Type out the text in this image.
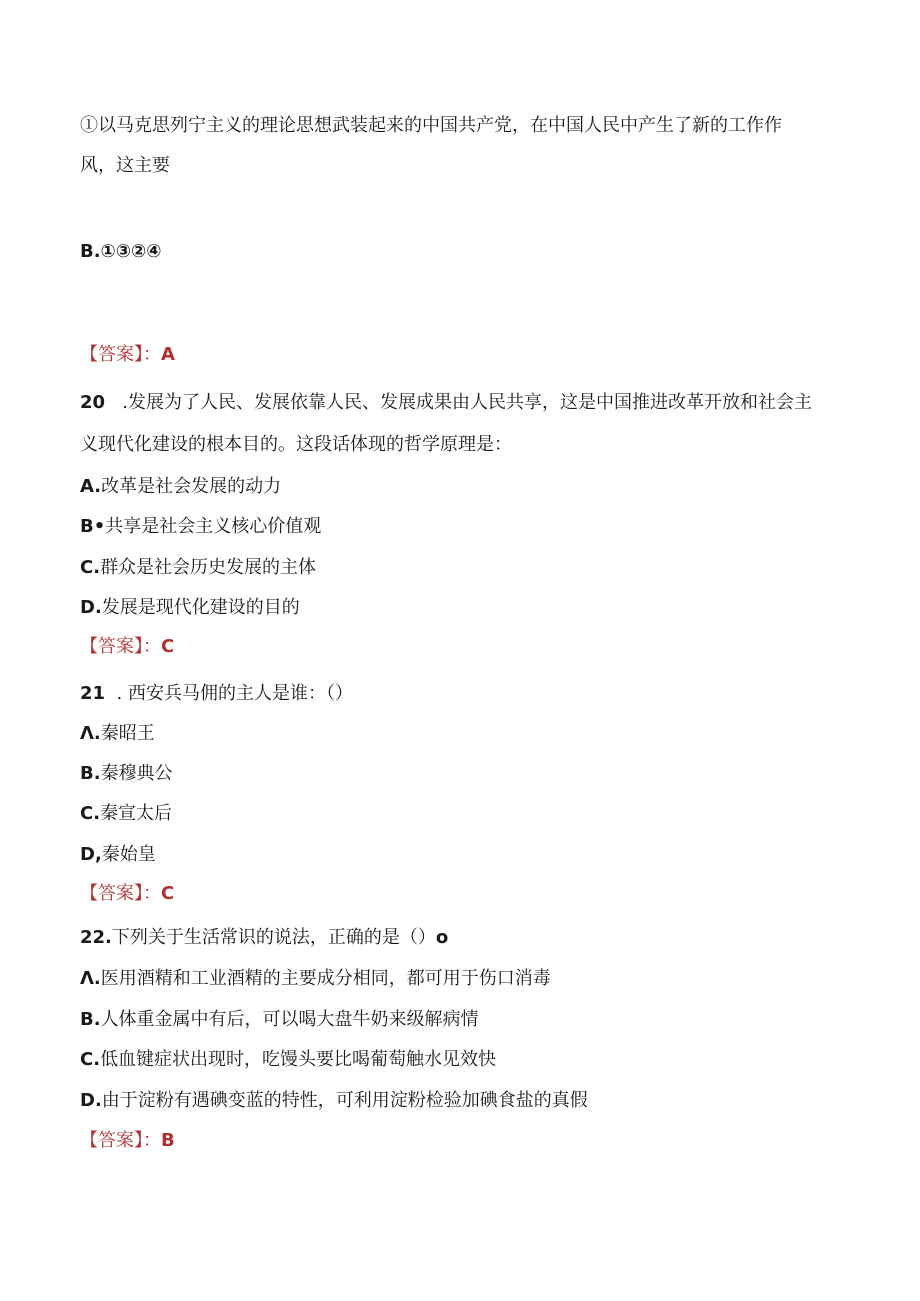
①以马克思列宁主义的理论思想武装起来的中国共产党，在中国人民中产生了新的工作作
风，这主要
B.①③②④
【答案】：A
20 .发展为了人民、发展依靠人民、发展成果由人民共享，这是中国推进改革开放和社会主
义现代化建设的根本目的。这段话体现的哲学原理是：
A.改革是社会发展的动力
B•共享是社会主义核心价值观
C.群众是社会历史发展的主体
D.发展是现代化建设的目的
【答案】：C
21 . 西安兵马佣的主人是谁：（）
Λ.秦昭王
B.秦穆典公
C.秦宣太后
D,秦始皇
【答案】：C
22.下列关于生活常识的说法，正确的是（）o
Λ.医用酒精和工业酒精的主要成分相同，都可用于伤口消毒
B.人体重金属中有后，可以喝大盘牛奶来级解病情
C.低血键症状出现时，吃馒头要比喝葡萄触水见效快
D.由于淀粉有遇碘变蓝的特性，可利用淀粉检验加碘食盐的真假
【答案】：B
